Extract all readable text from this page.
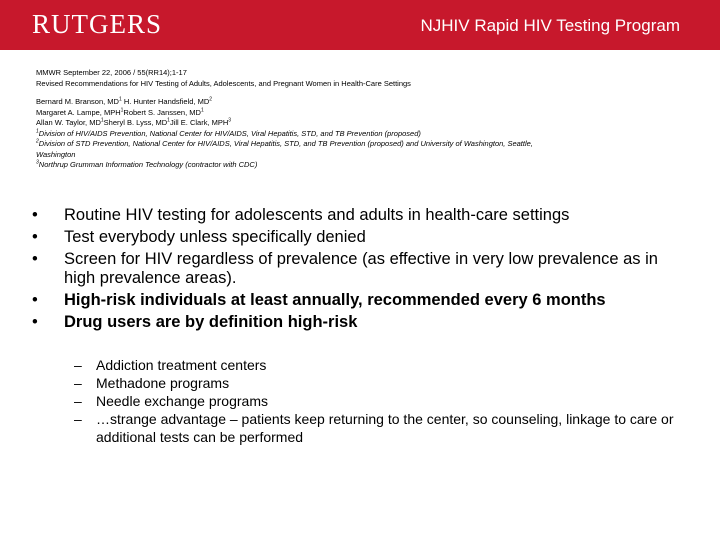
RUTGERS	NJHIV Rapid HIV Testing Program
MMWR September 22, 2006 / 55(RR14);1-17
Revised Recommendations for HIV Testing of Adults, Adolescents, and Pregnant Women in Health-Care Settings
Bernard M. Branson, $MD^1$ H. Hunter Handsfield, $MD^2$
Margaret A. Lampe, MPH$^1$Robert S. Janssen, $MD^1$
Allan W. Taylor, $MD^1Sheryl$ B. Lyss, $MD^1Jill$ E. Clark, MPH$^3$
$^1$Division of HIV/AIDS Prevention, National Center for HIV/AIDS, Viral Hepatitis, STD, and TB Prevention (proposed)
$^2$Division of STD Prevention, National Center for HIV/AIDS, Viral Hepatitis, STD, and TB Prevention (proposed) and University of Washington, Seattle,
Washington
$^3$Northrup Grumman Information Technology (contractor with CDC)
•	Routine HIV testing for adolescents and adults in health-care settings
•	Test everybody unless specifically denied
•	Screen for HIV regardless of prevalence (as effective in very low prevalence as in high prevalence areas).
•	High-risk individuals at least annually, recommended every 6 months
•	Drug users are by definition high-risk
–	Addiction treatment centers
–	Methadone programs
–	Needle exchange programs
–	…strange advantage – patients keep returning to the center, so counseling, linkage to care or additional tests can be performed
